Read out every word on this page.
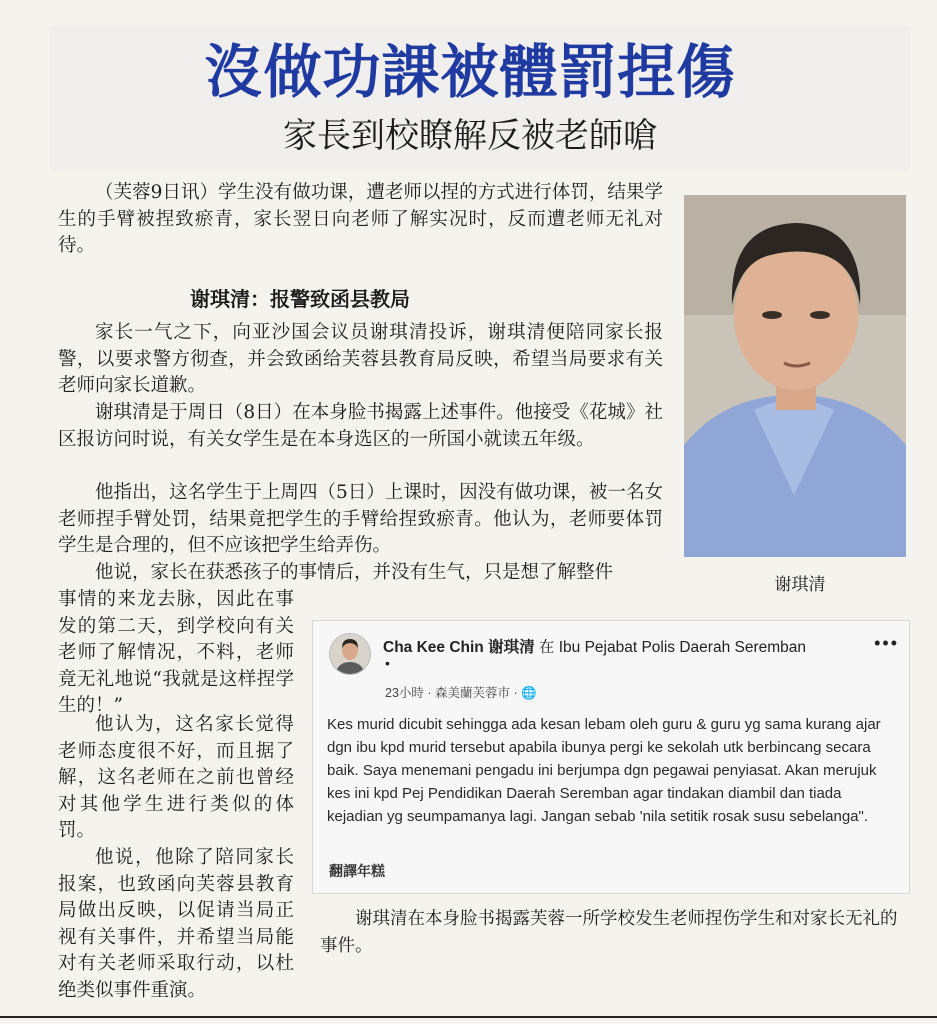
沒做功課被體罰捏傷
家長到校瞭解反被老師嗆

（芙蓉9日讯）学生没有做功课，遭老师以捏的方式进行体罚，结果学生的手臂被捏致瘀青，家长翌日向老师了解实况时，反而遭老师无礼对待。

谢琪清：报警致函县教局

家长一气之下，向亚沙国会议员谢琪清投诉，谢琪清便陪同家长报警，以要求警方彻查，并会致函给芙蓉县教育局反映，希望当局要求有关老师向家长道歉。

谢琪清是于周日（8日）在本身脸书揭露上述事件。他接受《花城》社区报访问时说，有关女学生是在本身选区的一所国小就读五年级。

他指出，这名学生于上周四（5日）上课时，因没有做功课，被一名女老师捏手臂处罚，结果竟把学生的手臂给捏致瘀青。他认为，老师要体罚学生是合理的，但不应该把学生给弄伤。

他说，家长在获悉孩子的事情后，并没有生气，只是想了解整件

事情的来龙去脉，因此在事发的第二天，到学校向有关老师了解情况，不料，老师竟无礼地说“我就是这样捏学生的！”

他认为，这名家长觉得老师态度很不好，而且据了解，这名老师在之前也曾经对其他学生进行类似的体罚。

他说，他除了陪同家长报案，也致函向芙蓉县教育局做出反映，以促请当局正视有关事件，并希望当局能对有关老师采取行动，以杜绝类似事件重演。

谢琪清
Cha Kee Chin 谢琪清 在 Ibu Pejabat Polis Daerah Seremban	•••
•
23小時 · 森美蘭芙蓉市 · 🌐
Kes murid dicubit sehingga ada kesan lebam oleh guru & guru yg sama kurang ajar dgn ibu kpd murid tersebut apabila ibunya pergi ke sekolah utk berbincang secara baik. Saya menemani pengadu ini berjumpa dgn pegawai penyiasat. Akan merujuk kes ini kpd Pej Pendidikan Daerah Seremban agar tindakan diambil dan tiada kejadian yg seumpamanya lagi. Jangan sebab 'nila setitik rosak susu sebelanga".
翻譯年糕
谢琪清在本身脸书揭露芙蓉一所学校发生老师捏伤学生和对家长无礼的事件。
